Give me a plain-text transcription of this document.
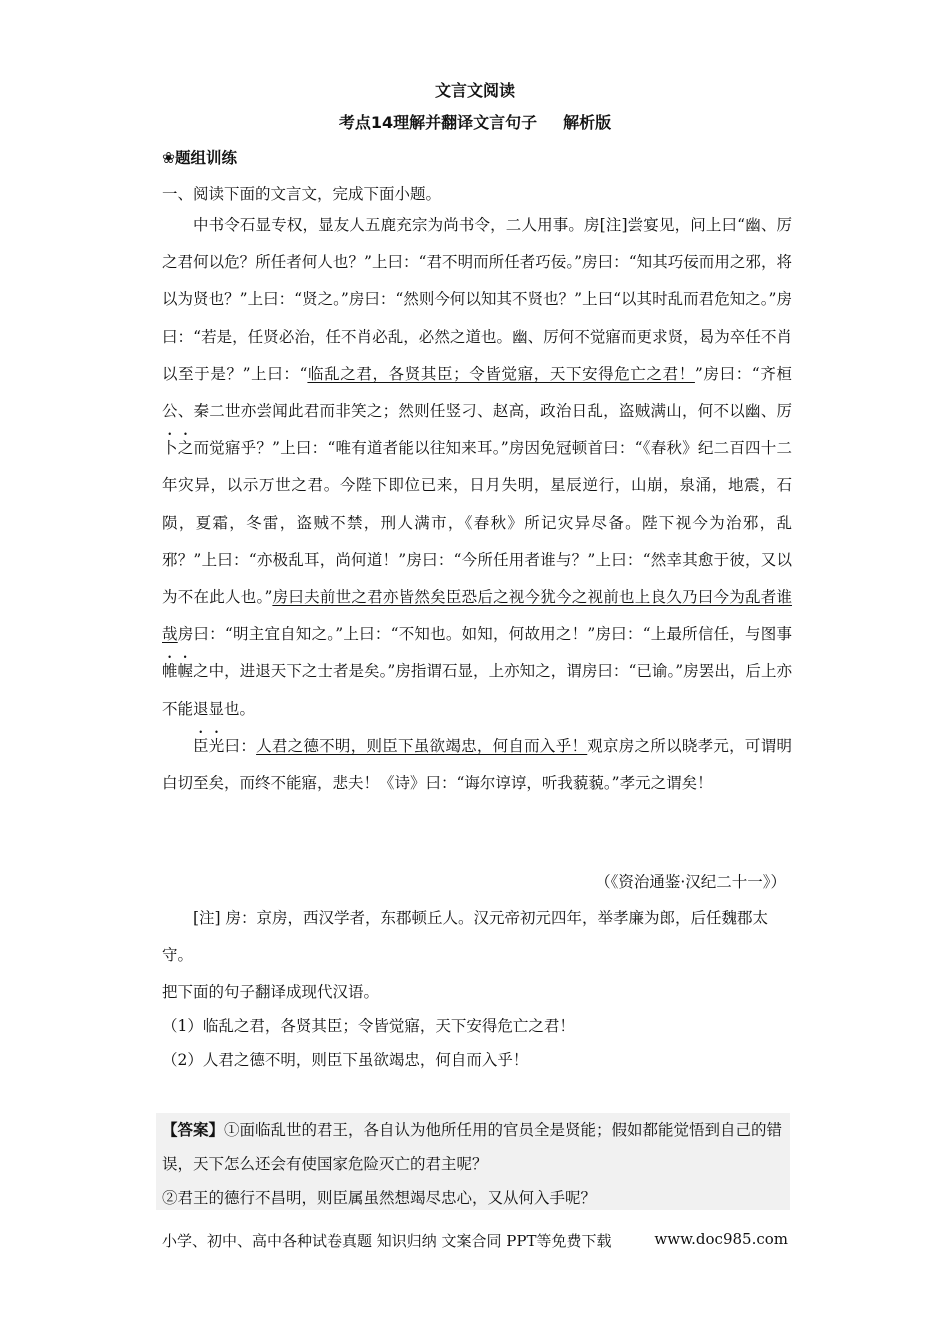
文言文阅读
考点14理解并翻译文言句子 解析版
❀题组训练
一、阅读下面的文言文，完成下面小题。

中书令石显专权，显友人五鹿充宗为尚书令，二人用事。房[注]尝宴见，问上曰“幽、厉之君何以危？所任者何人也？”上曰：“君不明而所任者巧佞。”房曰：“知其巧佞而用之邪，将以为贤也？”上曰：“贤之。”房曰：“然则今何以知其不贤也？”上曰“以其时乱而君危知之。”房曰：“若是，任贤必治，任不肖必乱，必然之道也。幽、厉何不觉寤而更求贤，曷为卒任不肖以至于是？”上曰：“临乱之君，各贤其臣；令皆觉寤，天下安得危亡之君！”房曰：“齐桓公、秦二世亦尝闻此君而非笑之；然则任竖刁、赵高，政治日乱，盗贼满山，何不以幽、厉卜之而觉寤乎？”上曰：“唯有道者能以往知来耳。”房因免冠顿首曰：“《春秋》纪二百四十二年灾异，以示万世之君。今陛下即位已来，日月失明，星辰逆行，山崩，泉涌，地震，石陨，夏霜，冬雷，盗贼不禁，刑人满市，《春秋》所记灾异尽备。陛下视今为治邪，乱邪？”上曰：“亦极乱耳，尚何道！”房曰：“今所任用者谁与？”上曰：“然幸其愈于彼，又以为不在此人也。”房曰夫前世之君亦皆然矣臣恐后之视今犹今之视前也上良久乃曰今为乱者谁哉房曰：“明主宜自知之。”上曰：“不知也。如知，何故用之！”房曰：“上最所信任，与图事帷幄之中，进退天下之士者是矣。”房指谓石显，上亦知之，谓房曰：“已谕。”房罢出，后上亦不能退显也。

臣光曰：人君之德不明，则臣下虽欲竭忠，何自而入乎！观京房之所以晓孝元，可谓明白切至矣，而终不能寤，悲夫！《诗》曰：“诲尔谆谆，听我藐藐。”孝元之谓矣！

（《资治通鉴·汉纪二十一》）

[注] 房：京房，西汉学者，东郡顿丘人。汉元帝初元四年，举孝廉为郎，后任魏郡太守。

把下面的句子翻译成现代汉语。
（1）临乱之君，各贤其臣；令皆觉寤，天下安得危亡之君！
（2）人君之德不明，则臣下虽欲竭忠，何自而入乎！

【答案】①面临乱世的君王，各自认为他所任用的官员全是贤能；假如都能觉悟到自己的错误，天下怎么还会有使国家危险灭亡的君主呢？

②君王的德行不昌明，则臣属虽然想竭尽忠心，又从何入手呢？

小学、初中、高中各种试卷真题 知识归纳 文案合同 PPT等免费下载	www.doc985.com
